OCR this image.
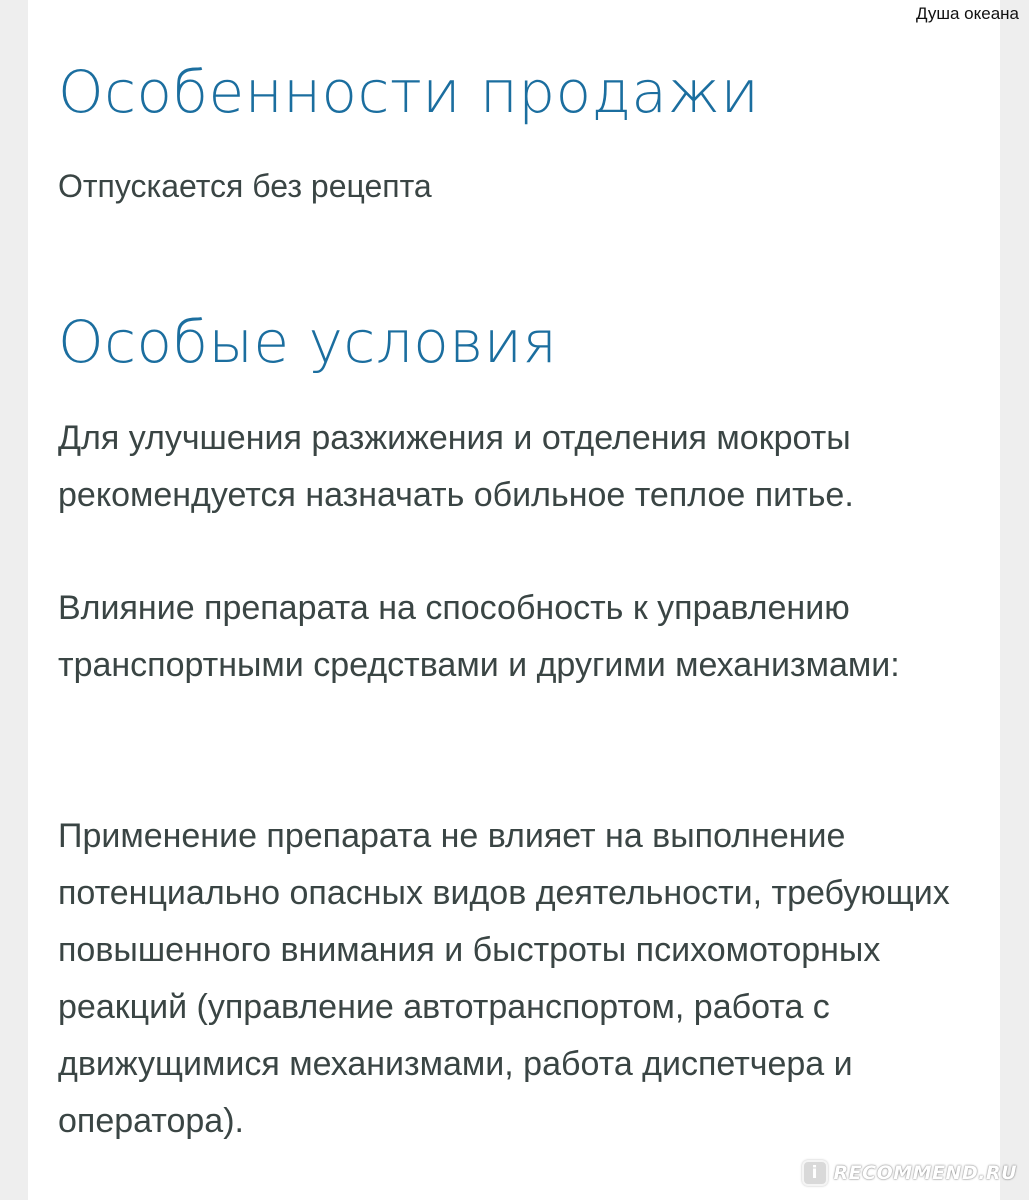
Душа океана
Особенности продажи
Отпускается без рецепта
Особые условия

Для улучшения разжижения и отделения мокроты рекомендуется назначать обильное теплое питье.

Влияние препарата на способность к управлению транспортными средствами и другими механизмами:

Применение препарата не влияет на выполнение потенциально опасных видов деятельности, требующих повышенного внимания и быстроты психомоторных реакций (управление автотранспортом, работа с движущимися механизмами, работа диспетчера и оператора).

i RECOMMEND.RU
